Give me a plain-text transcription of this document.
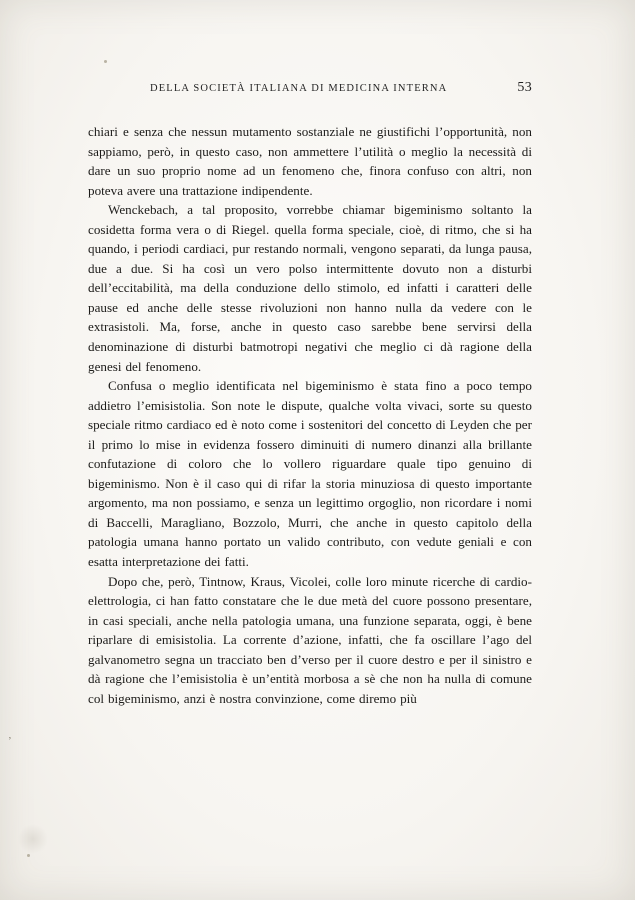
’
DELLA SOCIETÀ ITALIANA DI MEDICINA INTERNA	53

chiari e senza che nessun mutamento sostanziale ne giustifichi l’opportunità, non sappiamo, però, in questo caso, non ammettere l’utilità o meglio la necessità di dare un suo proprio nome ad un fenomeno che, finora confuso con altri, non poteva avere una trattazione indipendente.

Wenckebach, a tal proposito, vorrebbe chiamar bigeminismo soltanto la cosidetta forma vera o di Riegel. quella forma speciale, cioè, di ritmo, che si ha quando, i periodi cardiaci, pur restando normali, vengono separati, da lunga pausa, due a due. Si ha così un vero polso intermittente dovuto non a disturbi dell’eccitabilità, ma della conduzione dello stimolo, ed infatti i caratteri delle pause ed anche delle stesse rivoluzioni non hanno nulla da vedere con le extrasistoli. Ma, forse, anche in questo caso sarebbe bene servirsi della denominazione di disturbi batmotropi negativi che meglio ci dà ragione della genesi del fenomeno.

Confusa o meglio identificata nel bigeminismo è stata fino a poco tempo addietro l’emisistolia. Son note le dispute, qualche volta vivaci, sorte su questo speciale ritmo cardiaco ed è noto come i sostenitori del concetto di Leyden che per il primo lo mise in evidenza fossero diminuiti di numero dinanzi alla brillante confutazione di coloro che lo vollero riguardare quale tipo genuino di bigeminismo. Non è il caso qui di rifar la storia minuziosa di questo importante argomento, ma non possiamo, e senza un legittimo orgoglio, non ricordare i nomi di Baccelli, Maragliano, Bozzolo, Murri, che anche in questo capitolo della patologia umana hanno portato un valido contributo, con vedute geniali e con esatta interpretazione dei fatti.

Dopo che, però, Tintnow, Kraus, Vicolei, colle loro minute ricerche di cardio-elettrologia, ci han fatto constatare che le due metà del cuore possono presentare, in casi speciali, anche nella patologia umana, una funzione separata, oggi, è bene riparlare di emisistolia. La corrente d’azione, infatti, che fa oscillare l’ago del galvanometro segna un tracciato ben d’verso per il cuore destro e per il sinistro e dà ragione che l’emisistolia è un’entità morbosa a sè che non ha nulla di comune col bigeminismo, anzi è nostra convinzione, come diremo più
